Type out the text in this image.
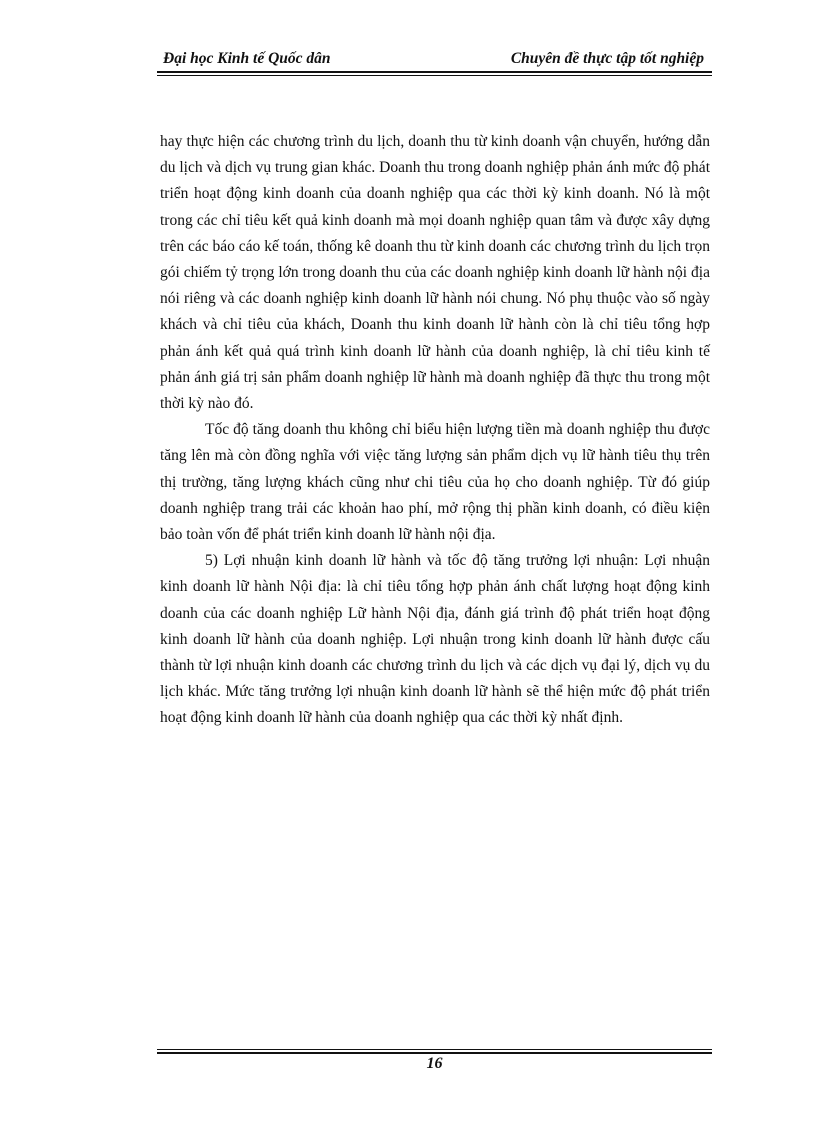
Đại học Kinh tế Quốc dân	Chuyên đề thực tập tốt nghiệp

hay thực hiện các chương trình du lịch, doanh thu từ kinh doanh vận chuyển, hướng dẫn du lịch và dịch vụ trung gian khác. Doanh thu trong doanh nghiệp phản ánh mức độ phát triển hoạt động kinh doanh của doanh nghiệp qua các thời kỳ kinh doanh. Nó là một trong các chỉ tiêu kết quả kinh doanh mà mọi doanh nghiệp quan tâm và được xây dựng trên các báo cáo kế toán, thống kê doanh thu từ kinh doanh các chương trình du lịch trọn gói chiếm tỷ trọng lớn trong doanh thu của các doanh nghiệp kinh doanh lữ hành nội địa nói riêng và các doanh nghiệp kinh doanh lữ hành nói chung. Nó phụ thuộc vào số ngày khách và chỉ tiêu của khách, Doanh thu kinh doanh lữ hành còn là chỉ tiêu tổng hợp phản ánh kết quả quá trình kinh doanh lữ hành của doanh nghiệp, là chỉ tiêu kinh tế phản ánh giá trị sản phẩm doanh nghiệp lữ hành mà doanh nghiệp đã thực thu trong một thời kỳ nào đó.

Tốc độ tăng doanh thu không chỉ biểu hiện lượng tiền mà doanh nghiệp thu được tăng lên mà còn đồng nghĩa với việc tăng lượng sản phẩm dịch vụ lữ hành tiêu thụ trên thị trường, tăng lượng khách cũng như chi tiêu của họ cho doanh nghiệp. Từ đó giúp doanh nghiệp trang trải các khoản hao phí, mở rộng thị phần kinh doanh, có điều kiện bảo toàn vốn để phát triển kinh doanh lữ hành nội địa.

5) Lợi nhuận kinh doanh lữ hành và tốc độ tăng trưởng lợi nhuận: Lợi nhuận kinh doanh lữ hành Nội địa: là chỉ tiêu tổng hợp phản ánh chất lượng hoạt động kinh doanh của các doanh nghiệp Lữ hành Nội địa, đánh giá trình độ phát triển hoạt động kinh doanh lữ hành của doanh nghiệp. Lợi nhuận trong kinh doanh lữ hành được cấu thành từ lợi nhuận kinh doanh các chương trình du lịch và các dịch vụ đại lý, dịch vụ du lịch khác. Mức tăng trưởng lợi nhuận kinh doanh lữ hành sẽ thể hiện mức độ phát triển hoạt động kinh doanh lữ hành của doanh nghiệp qua các thời kỳ nhất định.

16
